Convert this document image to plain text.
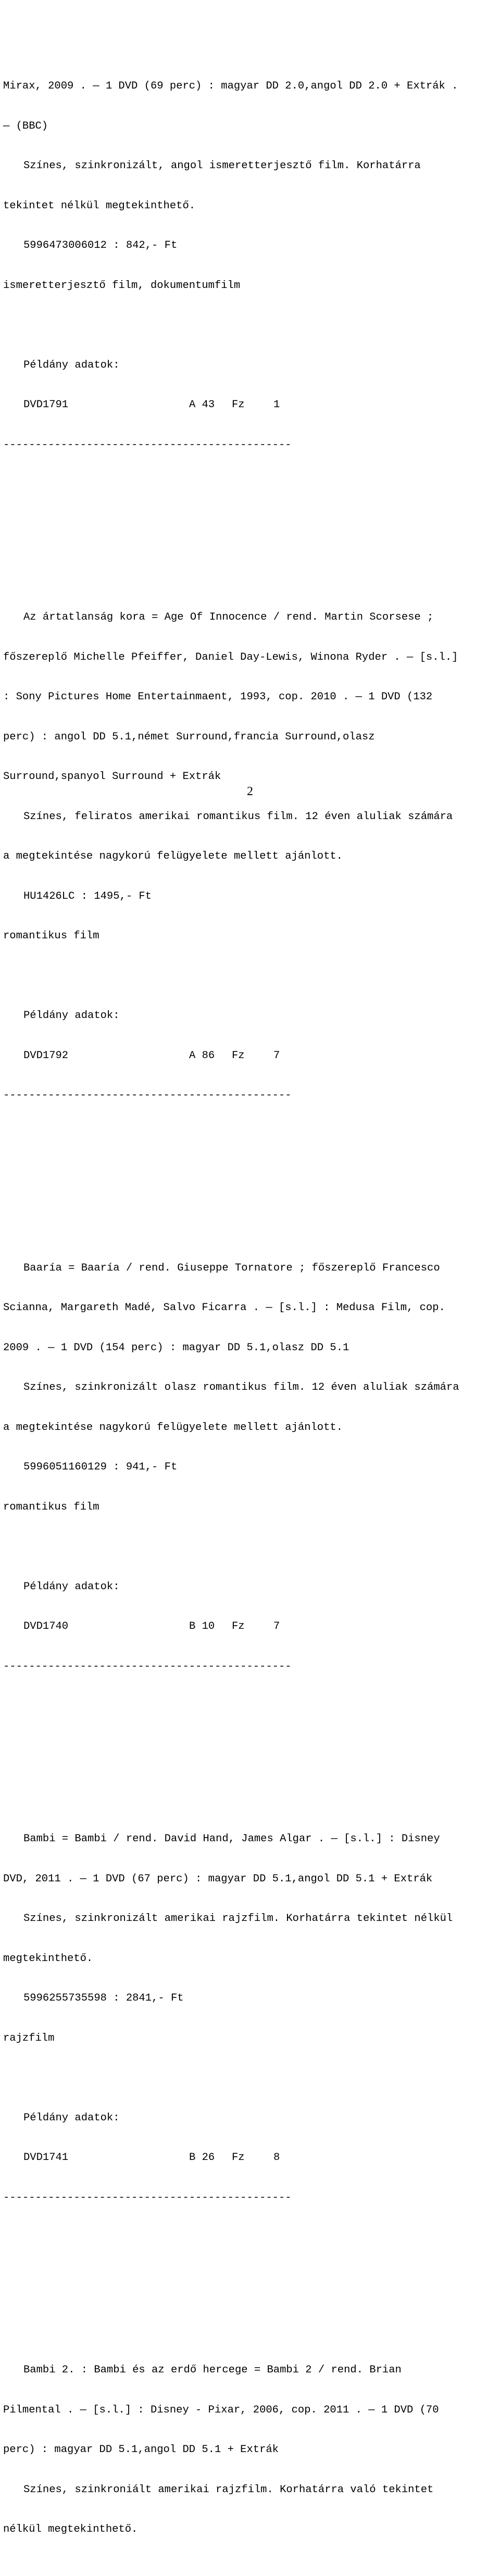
Mirax, 2009 . — 1 DVD (69 perc) : magyar DD 2.0,angol DD 2.0 + Extrák .

— (BBC)

Színes, szinkronizált, angol ismeretterjesztő film. Korhatárra

tekintet nélkül megtekinthető.

5996473006012 : 842,- Ft

ismeretterjesztő film, dokumentumfilm

Példány adatok:

DVD1791	A 43 Fz	1

---------------------------------------------

Az ártatlanság kora = Age Of Innocence / rend. Martin Scorsese ;

főszereplő Michelle Pfeiffer, Daniel Day-Lewis, Winona Ryder . — [s.l.]

: Sony Pictures Home Entertainmaent, 1993, cop. 2010 . — 1 DVD (132

perc) : angol DD 5.1,német Surround,francia Surround,olasz

Surround,spanyol Surround + Extrák

Színes, feliratos amerikai romantikus film. 12 éven aluliak számára

a megtekintése nagykorú felügyelete mellett ajánlott.

HU1426LC : 1495,- Ft

romantikus film

Példány adatok:

DVD1792	A 86 Fz	7

---------------------------------------------

Baaría = Baaría / rend. Giuseppe Tornatore ; főszereplő Francesco

Scianna, Margareth Madé, Salvo Ficarra . — [s.l.] : Medusa Film, cop.

2009 . — 1 DVD (154 perc) : magyar DD 5.1,olasz DD 5.1

Színes, szinkronizált olasz romantikus film. 12 éven aluliak számára

a megtekintése nagykorú felügyelete mellett ajánlott.

5996051160129 : 941,- Ft

romantikus film

Példány adatok:

DVD1740	B 10 Fz	7

---------------------------------------------

Bambi = Bambi / rend. David Hand, James Algar . — [s.l.] : Disney

DVD, 2011 . — 1 DVD (67 perc) : magyar DD 5.1,angol DD 5.1 + Extrák

Színes, szinkronizált amerikai rajzfilm. Korhatárra tekintet nélkül

megtekinthető.

5996255735598 : 2841,- Ft

rajzfilm

Példány adatok:

DVD1741	B 26 Fz	8

---------------------------------------------

Bambi 2. : Bambi és az erdő hercege = Bambi 2 / rend. Brian

Pilmental . — [s.l.] : Disney - Pixar, 2006, cop. 2011 . — 1 DVD (70

perc) : magyar DD 5.1,angol DD 5.1 + Extrák

Színes, szinkroniált amerikai rajzfilm. Korhatárra való tekintet

nélkül megtekinthető.

2
